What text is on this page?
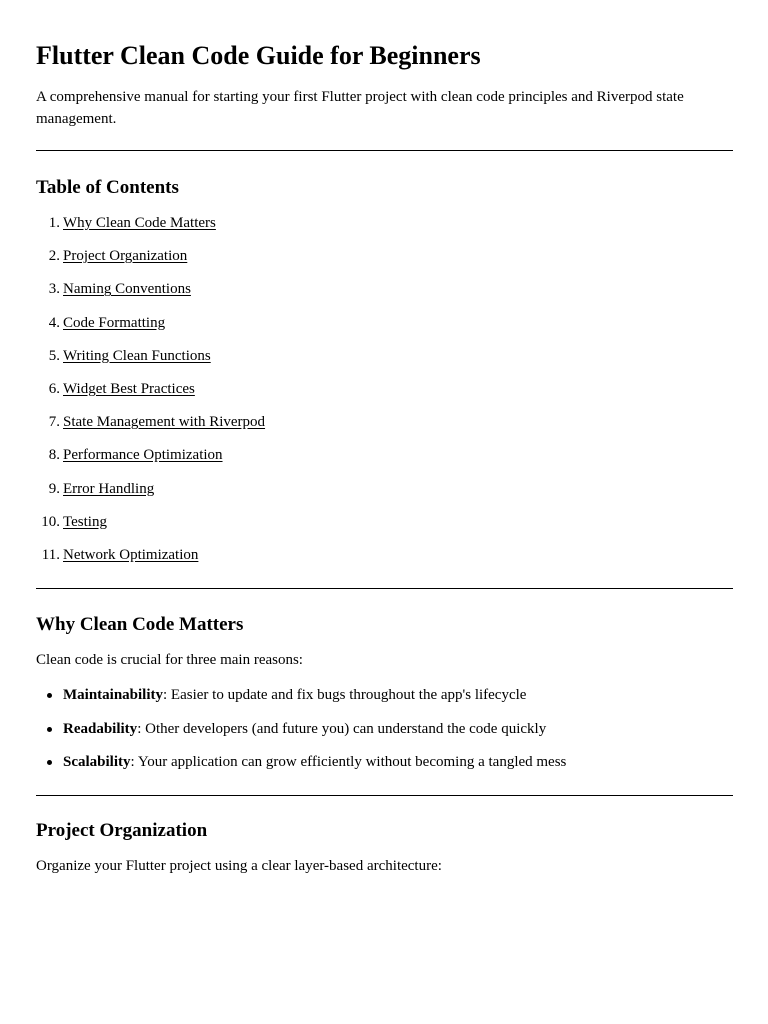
Flutter Clean Code Guide for Beginners

A comprehensive manual for starting your first Flutter project with clean code principles and Riverpod state management.

Table of Contents
1. Why Clean Code Matters
2. Project Organization
3. Naming Conventions
4. Code Formatting
5. Writing Clean Functions
6. Widget Best Practices
7. State Management with Riverpod
8. Performance Optimization
9. Error Handling
10. Testing
11. Network Optimization
Why Clean Code Matters

Clean code is crucial for three main reasons:

Maintainability: Easier to update and fix bugs throughout the app's lifecycle
Readability: Other developers (and future you) can understand the code quickly
Scalability: Your application can grow efficiently without becoming a tangled mess
Project Organization

Organize your Flutter project using a clear layer-based architecture:
